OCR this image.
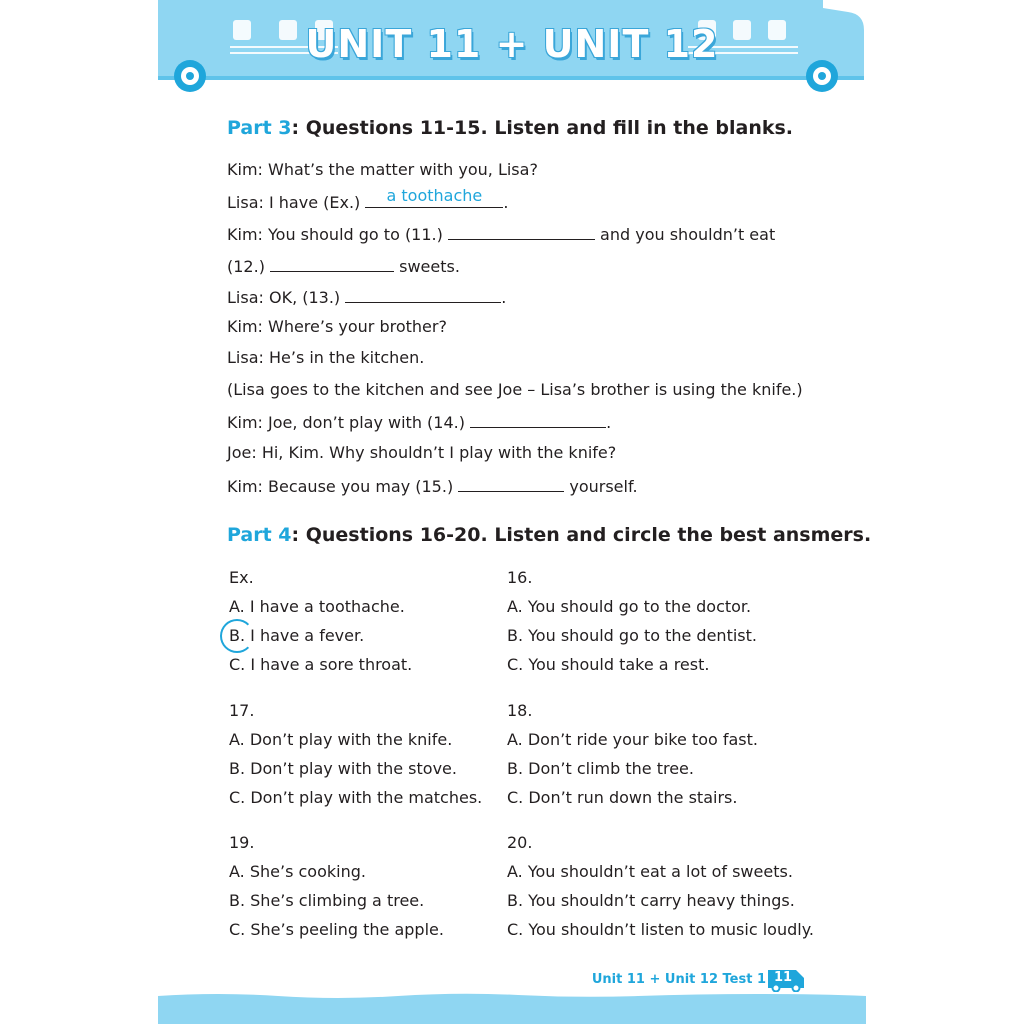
UNIT 11 + UNIT 12
Part 3: Questions 11-15. Listen and fill in the blanks.
Kim: What’s the matter with you, Lisa?
Lisa: I have (Ex.)	a toothache	.
Kim: You should go to (11.)	and you shouldn’t eat
(12.)	sweets.
Lisa: OK, (13.)	.
Kim: Where’s your brother?
Lisa: He’s in the kitchen.
(Lisa goes to the kitchen and see Joe – Lisa’s brother is using the knife.)
Kim: Joe, don’t play with (14.)	.
Joe: Hi, Kim. Why shouldn’t I play with the knife?
Kim: Because you may (15.)	yourself.
Part 4: Questions 16-20. Listen and circle the best ansmers.
Ex.
A. I have a toothache.
B. I have a fever.
C. I have a sore throat.
16.
A. You should go to the doctor.
B. You should go to the dentist.
C. You should take a rest.
17.
A. Don’t play with the knife.
B. Don’t play with the stove.
C. Don’t play with the matches.
18.
A. Don’t ride your bike too fast.
B. Don’t climb the tree.
C. Don’t run down the stairs.
19.
A. She’s cooking.
B. She’s climbing a tree.
C. She’s peeling the apple.
20.
A. You shouldn’t eat a lot of sweets.
B. You shouldn’t carry heavy things.
C. You shouldn’t listen to music loudly.
Unit 11 + Unit 12 Test 1 11
